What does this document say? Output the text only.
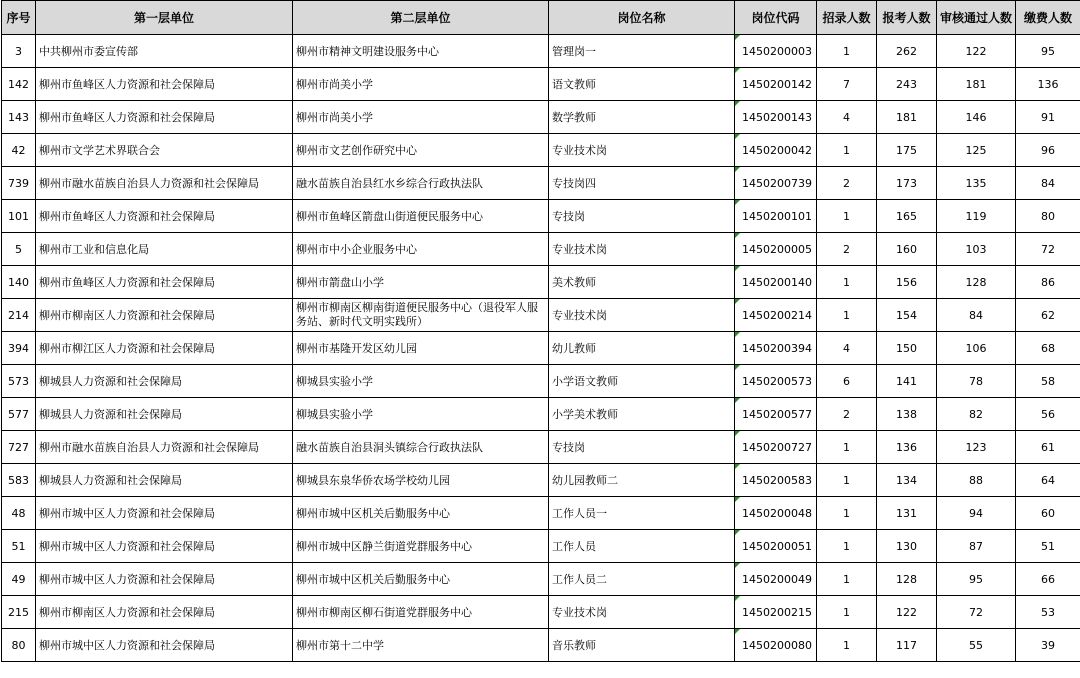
序号	第一层单位	第二层单位	岗位名称	岗位代码	招录人数	报考人数	审核通过人数	缴费人数
3	中共柳州市委宣传部	柳州市精神文明建设服务中心	管理岗一	1450200003	1	262	122	95
142	柳州市鱼峰区人力资源和社会保障局	柳州市尚美小学	语文教师	1450200142	7	243	181	136
143	柳州市鱼峰区人力资源和社会保障局	柳州市尚美小学	数学教师	1450200143	4	181	146	91
42	柳州市文学艺术界联合会	柳州市文艺创作研究中心	专业技术岗	1450200042	1	175	125	96
739	柳州市融水苗族自治县人力资源和社会保障局	融水苗族自治县红水乡综合行政执法队	专技岗四	1450200739	2	173	135	84
101	柳州市鱼峰区人力资源和社会保障局	柳州市鱼峰区箭盘山街道便民服务中心	专技岗	1450200101	1	165	119	80
5	柳州市工业和信息化局	柳州市中小企业服务中心	专业技术岗	1450200005	2	160	103	72
140	柳州市鱼峰区人力资源和社会保障局	柳州市箭盘山小学	美术教师	1450200140	1	156	128	86
214	柳州市柳南区人力资源和社会保障局	柳州市柳南区柳南街道便民服务中心（退役军人服务站、新时代文明实践所）	专业技术岗	1450200214	1	154	84	62
394	柳州市柳江区人力资源和社会保障局	柳州市基隆开发区幼儿园	幼儿教师	1450200394	4	150	106	68
573	柳城县人力资源和社会保障局	柳城县实验小学	小学语文教师	1450200573	6	141	78	58
577	柳城县人力资源和社会保障局	柳城县实验小学	小学美术教师	1450200577	2	138	82	56
727	柳州市融水苗族自治县人力资源和社会保障局	融水苗族自治县洞头镇综合行政执法队	专技岗	1450200727	1	136	123	61
583	柳城县人力资源和社会保障局	柳城县东泉华侨农场学校幼儿园	幼儿园教师二	1450200583	1	134	88	64
48	柳州市城中区人力资源和社会保障局	柳州市城中区机关后勤服务中心	工作人员一	1450200048	1	131	94	60
51	柳州市城中区人力资源和社会保障局	柳州市城中区静兰街道党群服务中心	工作人员	1450200051	1	130	87	51
49	柳州市城中区人力资源和社会保障局	柳州市城中区机关后勤服务中心	工作人员二	1450200049	1	128	95	66
215	柳州市柳南区人力资源和社会保障局	柳州市柳南区柳石街道党群服务中心	专业技术岗	1450200215	1	122	72	53
80	柳州市城中区人力资源和社会保障局	柳州市第十二中学	音乐教师	1450200080	1	117	55	39
